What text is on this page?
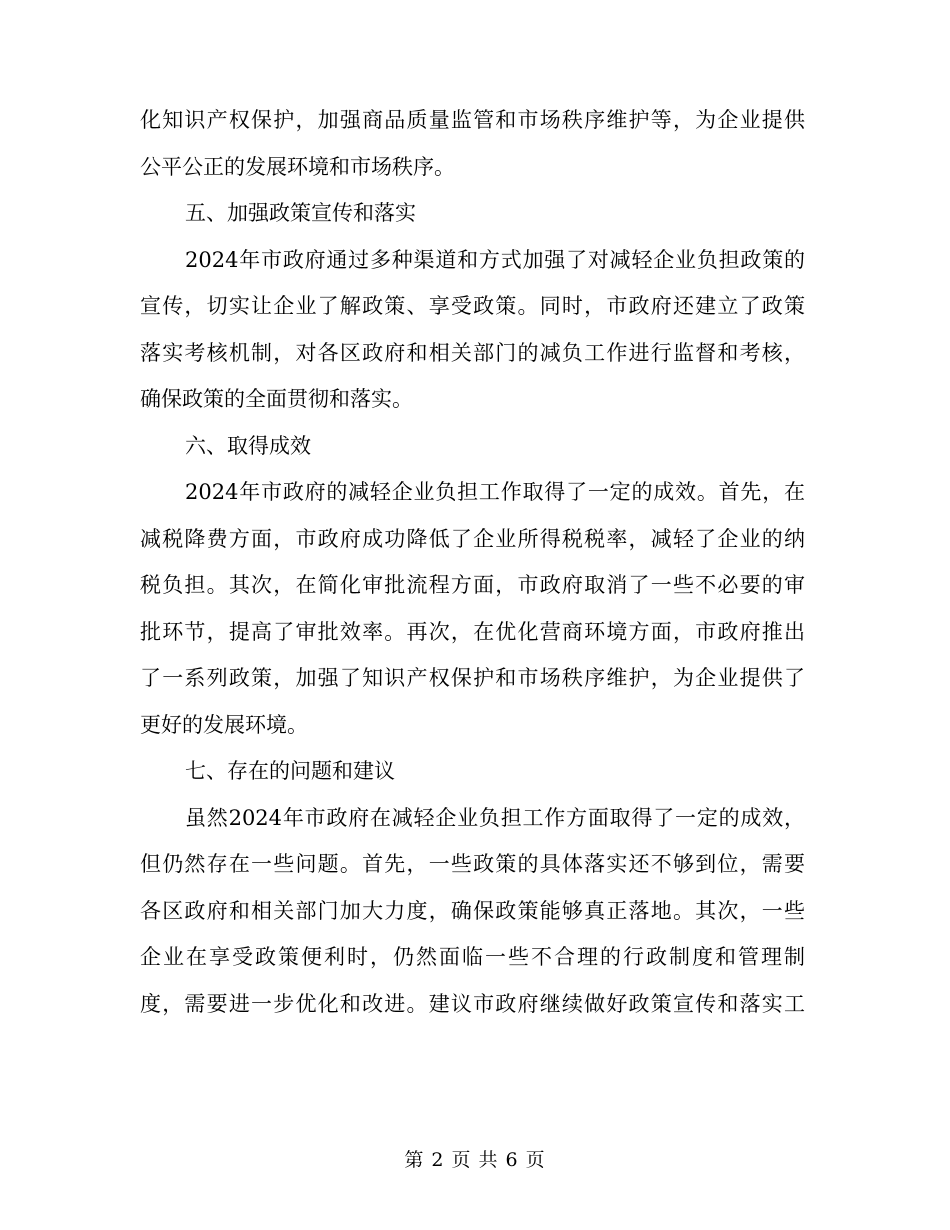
化知识产权保护，加强商品质量监管和市场秩序维护等，为企业提供
公平公正的发展环境和市场秩序。
五、加强政策宣传和落实
2024年市政府通过多种渠道和方式加强了对减轻企业负担政策的
宣传，切实让企业了解政策、享受政策。同时，市政府还建立了政策
落实考核机制，对各区政府和相关部门的减负工作进行监督和考核，
确保政策的全面贯彻和落实。
六、取得成效
2024年市政府的减轻企业负担工作取得了一定的成效。首先，在
减税降费方面，市政府成功降低了企业所得税税率，减轻了企业的纳
税负担。其次，在简化审批流程方面，市政府取消了一些不必要的审
批环节，提高了审批效率。再次，在优化营商环境方面，市政府推出
了一系列政策，加强了知识产权保护和市场秩序维护，为企业提供了
更好的发展环境。
七、存在的问题和建议
虽然2024年市政府在减轻企业负担工作方面取得了一定的成效，
但仍然存在一些问题。首先，一些政策的具体落实还不够到位，需要
各区政府和相关部门加大力度，确保政策能够真正落地。其次，一些
企业在享受政策便利时，仍然面临一些不合理的行政制度和管理制
度，需要进一步优化和改进。建议市政府继续做好政策宣传和落实工
第 2 页 共 6 页
